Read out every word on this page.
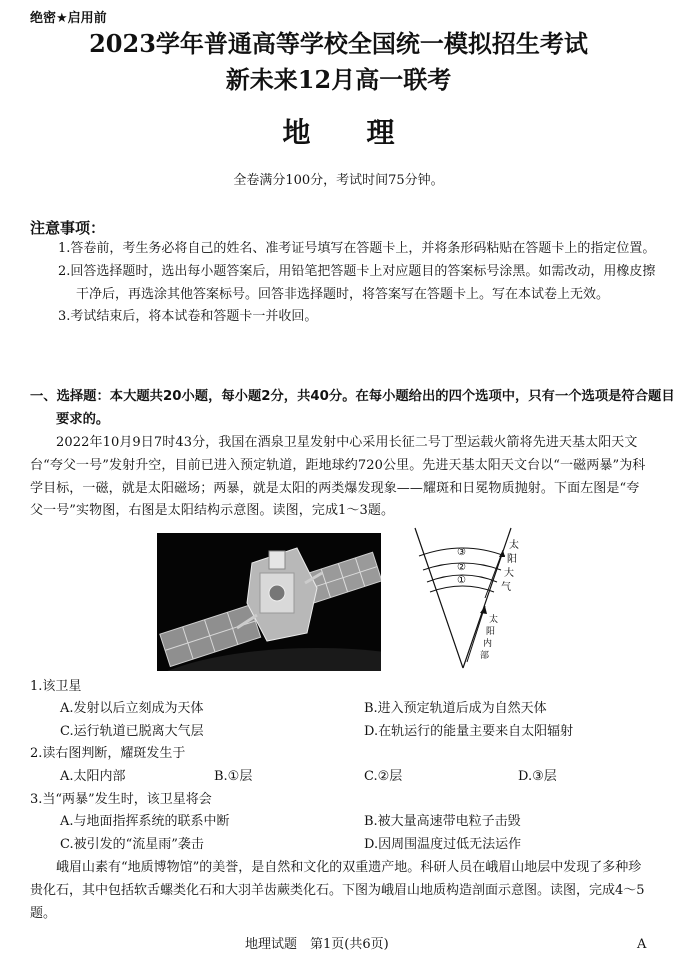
绝密★启用前
2023学年普通高等学校全国统一模拟招生考试
新未来12月高一联考
地理
全卷满分100分，考试时间75分钟。
注意事项：

1.答卷前，考生务必将自己的姓名、准考证号填写在答题卡上，并将条形码粘贴在答题卡上的指定位置。

2.回答选择题时，选出每小题答案后，用铅笔把答题卡上对应题目的答案标号涂黑。如需改动，用橡皮擦干净后，再选涂其他答案标号。回答非选择题时，将答案写在答题卡上。写在本试卷上无效。

3.考试结束后，将本试卷和答题卡一并收回。

一、选择题：本大题共20小题，每小题2分，共40分。在每小题给出的四个选项中，只有一个选项是符合题目要求的。
2022年10月9日7时43分，我国在酒泉卫星发射中心采用长征二号丁型运载火箭将先进天基太阳天文台“夸父一号”发射升空，目前已进入预定轨道，距地球约720公里。先进天基太阳天文台以“一磁两暴”为科学目标，一磁，就是太阳磁场；两暴，就是太阳的两类爆发现象——耀斑和日冕物质抛射。下面左图是“夸父一号”实物图，右图是太阳结构示意图。读图，完成1～3题。
③
②
①
太
阳
大
气
太
阳
内
部
1.该卫星
A.发射以后立刻成为天体	B.进入预定轨道后成为自然天体
C.运行轨道已脱离大气层	D.在轨运行的能量主要来自太阳辐射
2.读右图判断，耀斑发生于
A.太阳内部	B.①层	C.②层	D.③层
3.当“两暴”发生时，该卫星将会
A.与地面指挥系统的联系中断	B.被大量高速带电粒子击毁
C.被引发的“流星雨”袭击	D.因周围温度过低无法运作
峨眉山素有“地质博物馆”的美誉，是自然和文化的双重遗产地。科研人员在峨眉山地层中发现了多种珍贵化石，其中包括软舌螺类化石和大羽羊齿蕨类化石。下图为峨眉山地质构造剖面示意图。读图，完成4～5题。
地理试题　第1页(共6页)	A
